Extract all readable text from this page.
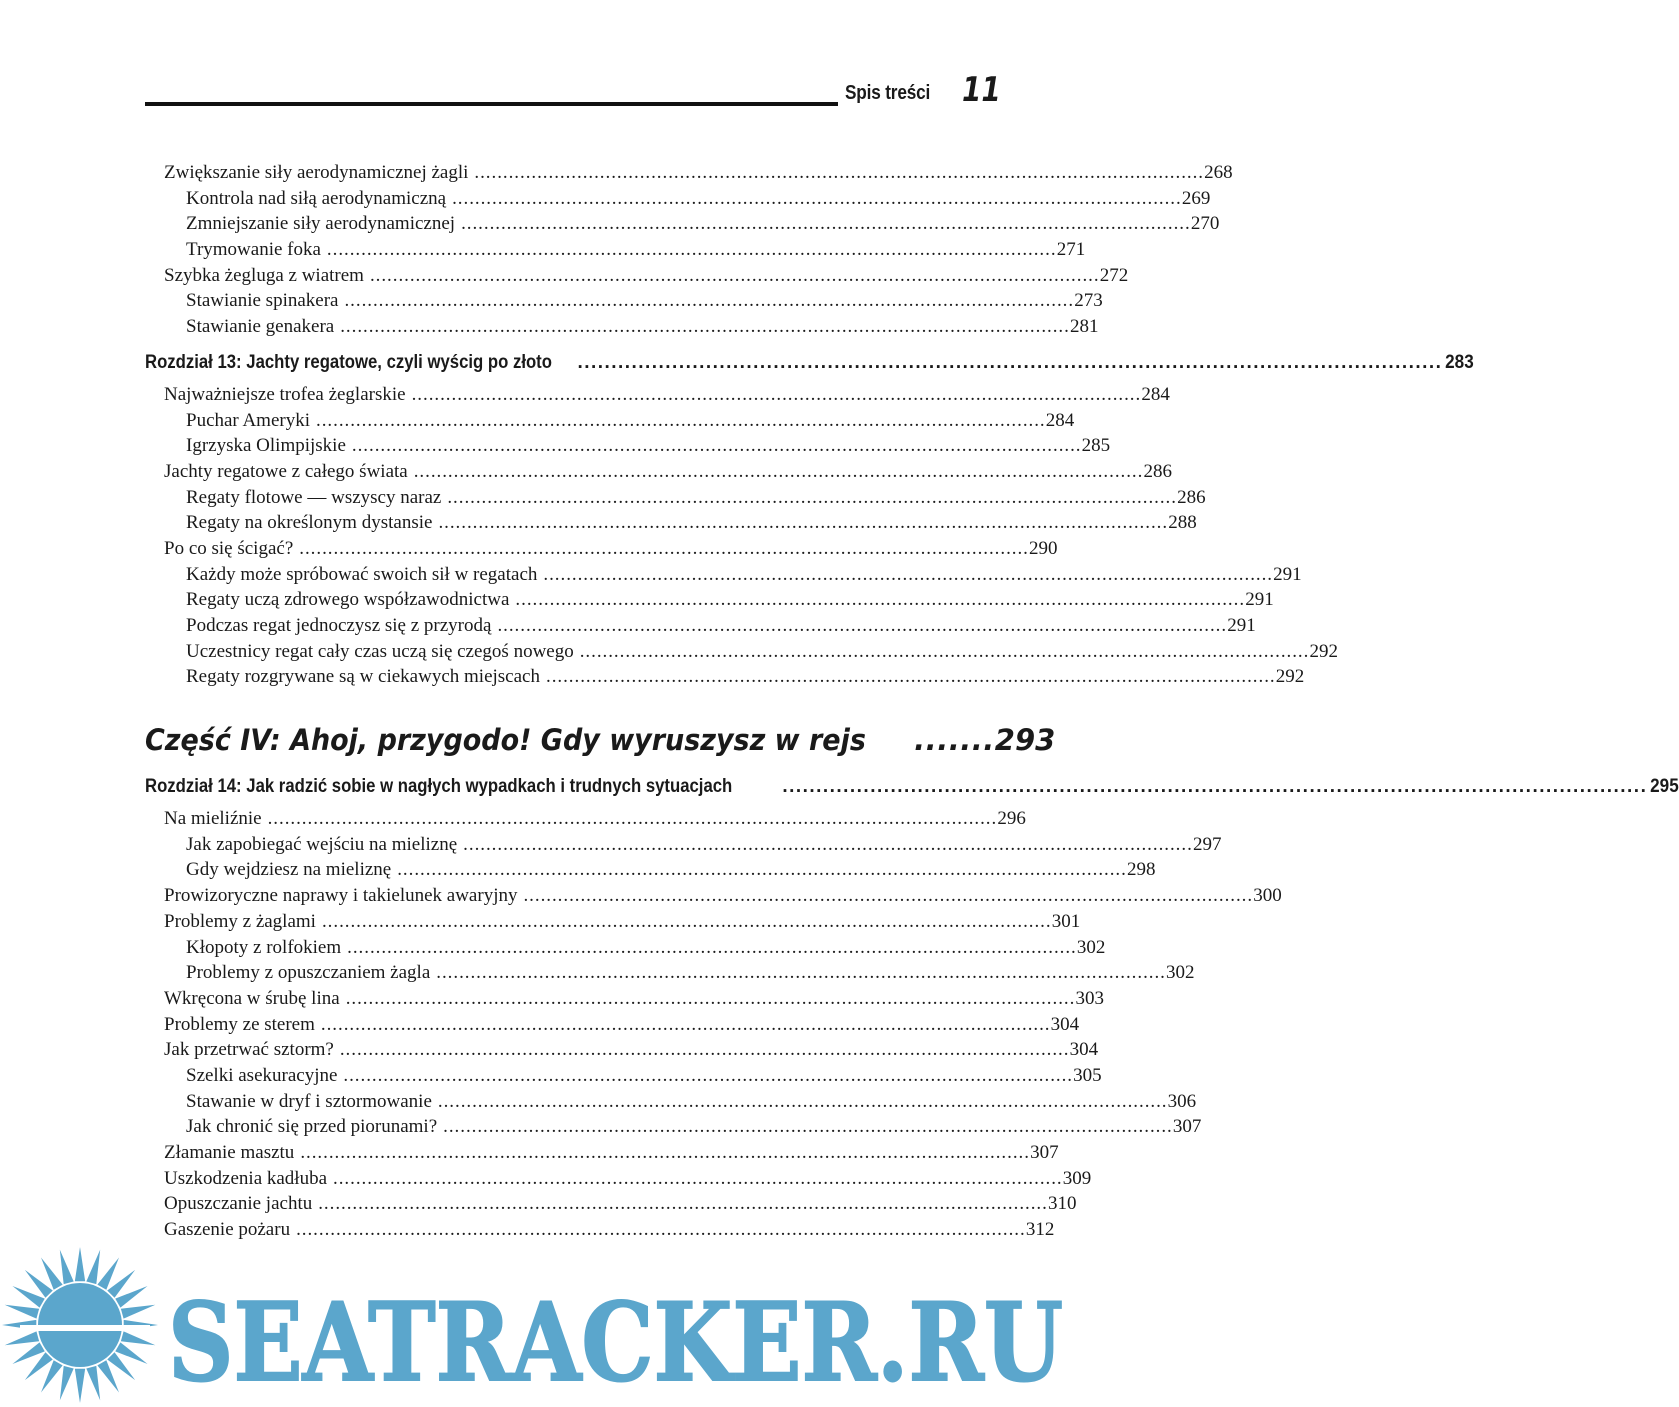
Spis treści 11
Zwiększanie siły aerodynamicznej żagli . . .	268
Kontrola nad siłą aerodynamiczną . . .	269
Zmniejszanie siły aerodynamicznej . . .	270
Trymowanie foka . . .	271
Szybka żegluga z wiatrem . . .	272
Stawianie spinakera . . .	273
Stawianie genakera . . .	281
Rozdział 13: Jachty regatowe, czyli wyścig po złoto . . .	283
Najważniejsze trofea żeglarskie . . .	284
Puchar Ameryki . . .	284
Igrzyska Olimpijskie . . .	285
Jachty regatowe z całego świata . . .	286
Regaty flotowe — wszyscy naraz . . .	286
Regaty na określonym dystansie . . .	288
Po co się ścigać? . . .	290
Każdy może spróbować swoich sił w regatach . . .	291
Regaty uczą zdrowego współzawodnictwa . . .	291
Podczas regat jednoczysz się z przyrodą . . .	291
Uczestnicy regat cały czas uczą się czegoś nowego . . .	292
Regaty rozgrywane są w ciekawych miejscach . . .	292
Część IV: Ahoj, przygodo! Gdy wyruszysz w rejs ....... 293
Rozdział 14: Jak radzić sobie w nagłych wypadkach i trudnych sytuacjach . . .	295
Na mieliźnie . . .	296
Jak zapobiegać wejściu na mieliznę . . .	297
Gdy wejdziesz na mieliznę . . .	298
Prowizoryczne naprawy i takielunek awaryjny . . .	300
Problemy z żaglami . . .	301
Kłopoty z rolfokiem . . .	302
Problemy z opuszczaniem żagla . . .	302
Wkręcona w śrubę lina . . .	303
Problemy ze sterem . . .	304
Jak przetrwać sztorm? . . .	304
Szelki asekuracyjne . . .	305
Stawanie w dryf i sztormowanie . . .	306
Jak chronić się przed piorunami? . . .	307
Złamanie masztu . . .	307
Uszkodzenia kadłuba . . .	309
Opuszczanie jachtu . . .	310
Gaszenie pożaru . . .	312
SEATRACKER.RU
